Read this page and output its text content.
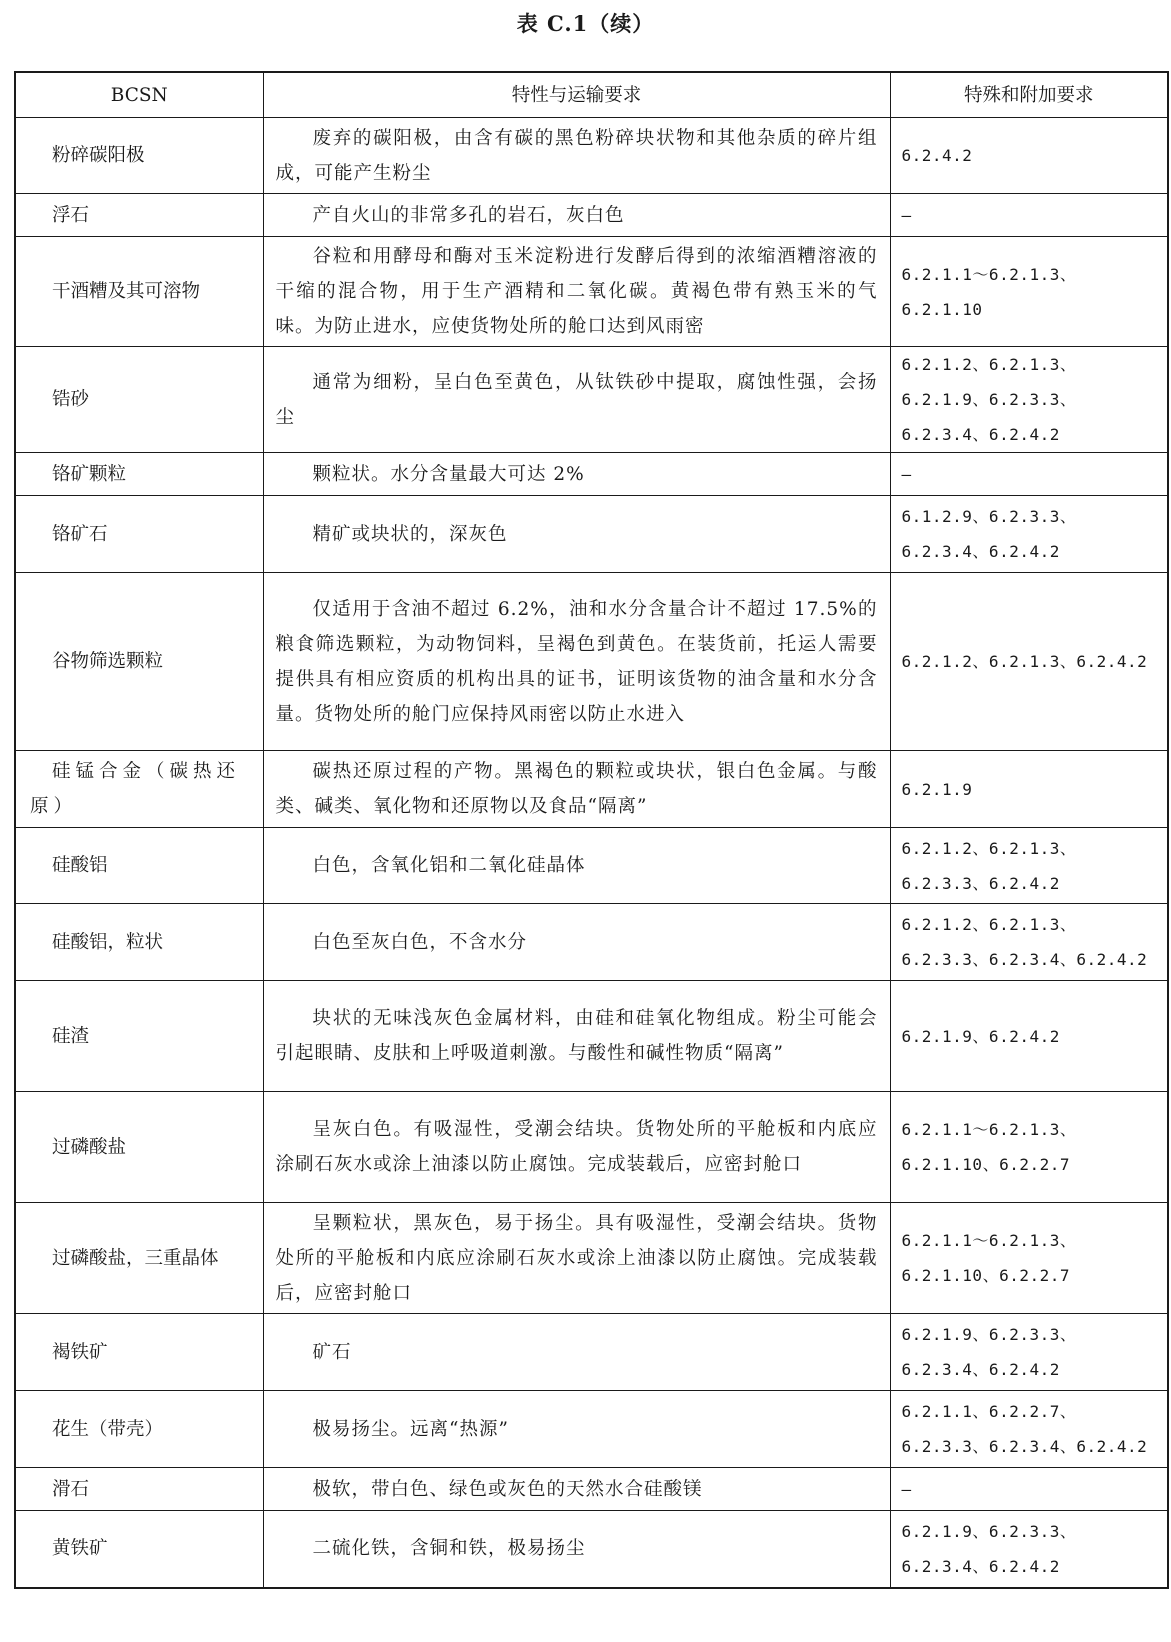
表 C.1（续）
BCSN	特性与运输要求	特殊和附加要求
粉碎碳阳极	废弃的碳阳极，由含有碳的黑色粉碎块状物和其他杂质的碎片组成，可能产生粉尘	6.2.4.2
浮石	产自火山的非常多孔的岩石，灰白色	—
干酒糟及其可溶物	谷粒和用酵母和酶对玉米淀粉进行发酵后得到的浓缩酒糟溶液的干缩的混合物，用于生产酒精和二氧化碳。黄褐色带有熟玉米的气味。为防止进水，应使货物处所的舱口达到风雨密	6.2.1.1～6.2.1.3、6.2.1.10
锆砂	通常为细粉，呈白色至黄色，从钛铁砂中提取，腐蚀性强，会扬尘	6.2.1.2、6.2.1.3、6.2.1.9、6.2.3.3、6.2.3.4、6.2.4.2
铬矿颗粒	颗粒状。水分含量最大可达 2%	—
铬矿石	精矿或块状的，深灰色	6.1.2.9、6.2.3.3、6.2.3.4、6.2.4.2
谷物筛选颗粒	仅适用于含油不超过 6.2%，油和水分含量合计不超过 17.5%的粮食筛选颗粒，为动物饲料，呈褐色到黄色。在装货前，托运人需要提供具有相应资质的机构出具的证书，证明该货物的油含量和水分含量。货物处所的舱门应保持风雨密以防止水进入	6.2.1.2、6.2.1.3、6.2.4.2
硅锰合金（碳热还原）	碳热还原过程的产物。黑褐色的颗粒或块状，银白色金属。与酸类、碱类、氧化物和还原物以及食品“隔离”	6.2.1.9
硅酸铝	白色，含氧化铝和二氧化硅晶体	6.2.1.2、6.2.1.3、6.2.3.3、6.2.4.2
硅酸铝，粒状	白色至灰白色，不含水分	6.2.1.2、6.2.1.3、6.2.3.3、6.2.3.4、6.2.4.2
硅渣	块状的无味浅灰色金属材料，由硅和硅氧化物组成。粉尘可能会引起眼睛、皮肤和上呼吸道刺激。与酸性和碱性物质“隔离”	6.2.1.9、6.2.4.2
过磷酸盐	呈灰白色。有吸湿性，受潮会结块。货物处所的平舱板和内底应涂刷石灰水或涂上油漆以防止腐蚀。完成装载后，应密封舱口	6.2.1.1～6.2.1.3、6.2.1.10、6.2.2.7
过磷酸盐，三重晶体	呈颗粒状，黑灰色，易于扬尘。具有吸湿性，受潮会结块。货物处所的平舱板和内底应涂刷石灰水或涂上油漆以防止腐蚀。完成装载后，应密封舱口	6.2.1.1～6.2.1.3、6.2.1.10、6.2.2.7
褐铁矿	矿石	6.2.1.9、6.2.3.3、6.2.3.4、6.2.4.2
花生（带壳）	极易扬尘。远离“热源”	6.2.1.1、6.2.2.7、6.2.3.3、6.2.3.4、6.2.4.2
滑石	极软，带白色、绿色或灰色的天然水合硅酸镁	—
黄铁矿	二硫化铁，含铜和铁，极易扬尘	6.2.1.9、6.2.3.3、6.2.3.4、6.2.4.2
